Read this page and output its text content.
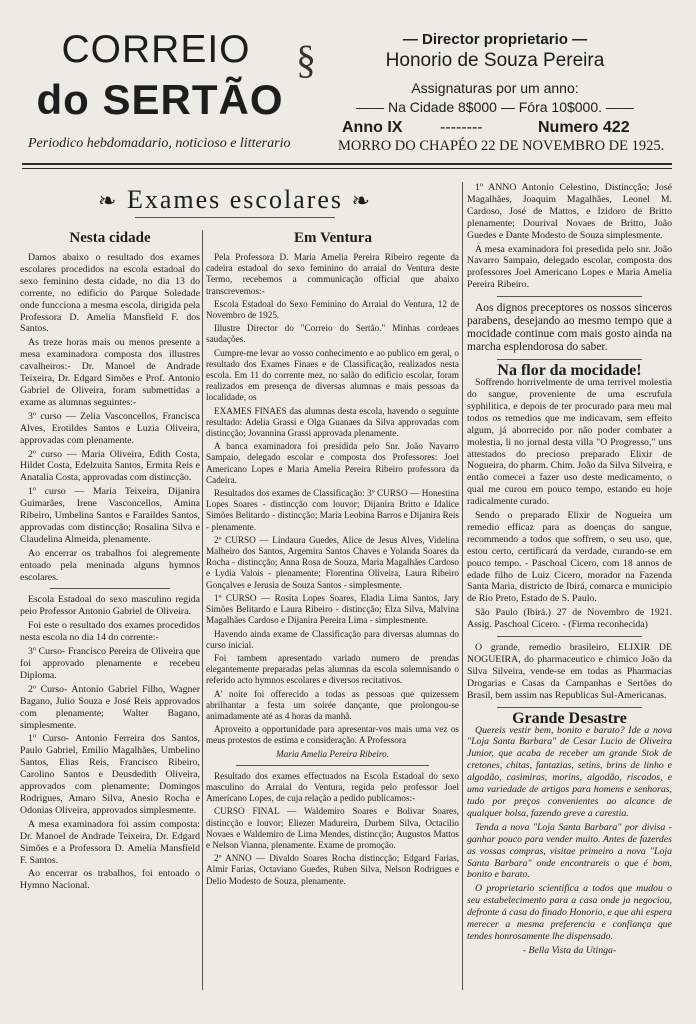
CORREIO
do SERTÃO
§
Periodico hebdomadario, noticioso e litterario
— Director proprietario —
Honorio de Souza Pereira
Assignaturas por um anno:
—— Na Cidade 8$000 — Fóra 10$000. ——
Anno IX --------	Numero 422
MORRO DO CHAPÉO 22 DE NOVEMBRO DE 1925.
❧ Exames escolares ❧
Nesta cidade

Damos abaixo o resultado dos exames escolares procedidos na escola estadoal do sexo feminino desta cidade, no dia 13 do corrente, no edificio do Parque Soledade onde funcciona a mesma escola, dirigida pela Professora D. Amelia Mansfield F. dos Santos.

As treze horas mais ou menos presente a mesa examinadora composta dos illustres cavalheiros:- Dr. Manoel de Andrade Teixeira, Dr. Edgard Simões e Prof. Antonio Gabriel de Oliveira, foram submettidas a exame as alumnas seguintes:-

3º curso — Zelia Vasconcellos, Francisca Alves, Erotildes Santos e Luzia Oliveira, approvadas com plenamente.

2º curso — Maria Oliveira, Edith Costa, Hildet Costa, Edelzuita Santos, Ermita Reis e Anatalia Costa, approvadas com distincção.

1º curso — Maria Teixeira, Dijanira Guimarães, Irene Vasconcellos, Amina Ribeiro, Umbelina Santos e Faraildes Santos, approvadas com distincção; Rosalina Silva e Claudelina Almeida, plenamente.

Ao encerrar os trabalhos foi alegremente entoado pela meninada alguns hymnos escolares.

Escola Estadoal do sexo masculino regida peio Professor Antonio Gabriel de Oliveira.

Foi este o resultado dos exames procedidos nesta escola no dia 14 do corrente:-

3º Curso- Francisco Pereira de Oliveira que foi approvado plenamente e recebeu Diploma.

2º Curso- Antonio Gabriel Filho, Wagner Bagano, Julio Souza e José Reis approvados com plenamente; Walter Bagano, simplesmente.

1º Curso- Antonio Ferreira dos Santos, Paulo Gabriel, Emilio Magalhães, Umbelino Santos, Elias Reis, Francisco Ribeiro, Carolino Santos e Deusdedith Oliveira, approvados com plenamente; Domingos Rodrigues, Amaro Silva, Anesio Rocha e Odonias Oliveira, approvados simplesmente.

A mesa examinadora foi assim composta: Dr. Manoel de Andrade Teixeira, Dr. Edgard Simões e a Professora D. Amelia Mansfield F. Santos.

Ao encerrar os trabalhos, foi entoado o Hymno Nacional.

Em Ventura

Pela Professora D. Maria Amelia Pereira Ribeiro regente da cadeira estadoal do sexo feminino do arraial do Ventura deste Termo, recebemos a communicação official que abaixo transcrevemos:-

Escola Estadoal do Sexo Feminino do Arraial do Ventura, 12 de Novembro de 1925.

Illustre Director do "Correio do Sertão." Minhas cordeaes saudações.

Cumpre-me levar ao vosso conhecimento e ao publico em geral, o resultado dos Exames Finaes e de Classificação, realizados nesta escola. Em 11 do corrente mez, no salão do edificio escolar, foram realizados em presença de diversas alumnas e mais pessoas da localidade, os

EXAMES FINAES das alumnas desta escola, havendo o seguinte resultado: Adelia Grassi e Olga Guanaes da Silva approvadas com distincção; Jovannina Grassi approvada plenamente.

A banca examinadora foi presidida pelo Snr. João Navarro Sampaio, delegado escolar e composta dos Professores: Joel Americano Lopes e Maria Amelia Pereira Ribeiro professora da Cadeira.

Resultados dos exames de Classificação: 3º CURSO — Honestina Lopes Soares - distincção com louvor; Dijanira Britto e Idalice Simões Belitardo - distincção; Maria Leobina Barros e Dijanira Reis - plenamente.

2º CURSO — Lindaura Guedes, Alice de Jesus Alves, Videlina Malheiro dos Santos, Argemira Santos Chaves e Yolanda Soares da Rocha - distincção; Anna Rosa de Souza, Maria Magalhães Cardoso e Lydia Valois - plenamente; Florentina Oliveira, Laura Ribeiro Gonçalves e Jerusia de Souza Santos - simplesmente.

1º CURSO — Rosita Lopes Soares, Eladia Lima Santos, Jary Simões Belitardo e Laura Ribeiro - distincção; Elza Silva, Malvina Magalhães Cardoso e Dijanira Pereira Lima - simplesmente.

Havendo ainda exame de Classificação para diversas alumnas do curso inicial.

Foi tambem apresentado variado numero de prendas elegantemente preparadas pelas alumnas da escola solemnisando o referido acto hymnos escolares e diversos recitativos.

A' noite foi offerecido a todas as pessoas que quizessem abrilhantar a festa um soirée dançante, que prolongou-se animadamente até as 4 horas da manhã.

Aproveito a opportunidade para apresentar-vos mais uma vez os meus protestos de estima e consideração. A Professora

Maria Amelia Pereira Ribeiro.

Resultado dos exames effectuados na Escola Estadoal do sexo masculino do Arraial do Ventura, regida pelo professor Joel Americano Lopes, de cuja relação a pedido publicamos:-

CURSO FINAL — Waldemiro Soares e Bolivar Soares, distincção e louvor; Eliezer Madureira, Durbem Silva, Octacilio Novaes e Waldemiro de Lima Mendes, distincção; Augustos Mattos e Nelson Vianna, plenamente. Exame de promoção.

2º ANNO — Divaldo Soares Rocha distincção; Edgard Farias, Almir Farias, Octaviano Guedes, Ruben Silva, Nelson Rodrigues e Delio Modesto de Souza, plenamente.

1º ANNO Antonio Celestino, Distincção; José Magalhães, Joaquim Magalhães, Leonel M. Cardoso, José de Mattos, e Izidoro de Britto plenamente; Dourival Novaes de Britto, João Guedes e Dante Modesto de Souza simplesmente.

A mesa examinadora foi presedida pelo snr. João Navarro Sampaio, delegado escolar, composta dos professores Joel Americano Lopes e Maria Amelia Pereira Ribeiro.

Aos dignos preceptores os nossos sinceros parabens, desejando ao mesmo tempo que a mocidade continue com mais gosto ainda na marcha esplendorosa do saber.

Na flor da mocidade!

Soffrendo horrivelmente de uma terrivel molestia do sangue, proveniente de uma escrufula syphilitica, e depois de ter procurado para meu mal todos os remedios que me indicavam, sem effeito algum, já aborrecido por não poder combater a molestia, li no jornal desta villa "O Progresso," uns attestados do precioso preparado Elixir de Nogueira, do pharm. Chim. João da Silva Silveira, e então comecei a fazer uso deste medicamento, o qual me curou em pouco tempo, estando eu hoje radicalmente curado.

Sendo o preparado Elixir de Nogueira um remedio efficaz para as doenças do sangue, recommendo a todos que soffrem, o seu uso, que, estou certo, certificará da verdade, curando-se em pouco tempo. - Paschoal Cicero, com 18 annos de edade filho de Luiz Cicero, morador na Fazenda Santa Maria, districto de Ibirá, comarca e municipio de Rio Preto, Estado de S. Paulo.

São Paulo (Ibirá.) 27 de Novembro de 1921. Assig. Paschoal Cicero. - (Firma reconhecida)

O grande, remedio brasileiro, ELIXIR DE NOGUEIRA, do pharmaceutico e chimico João da Silva Silveira, vende-se em todas as Pharmacias Drogarias e Casas da Campanhas e Sertões do Brasil, bem assim nas Republicas Sul-Americanas.

Grande Desastre

Quereis vestir bem, bonito e barato? Ide a nova "Loja Santa Barbara" de Cesar Lucio de Oliveira Junior, que acaba de receber um grande Stok de cretones, chitas, fantazias, setins, brins de linho e algodão, casimiras, morins, algodão, riscados, e uma variedade de artigos para homens e senhoras, tudo por preços convenientes ao alcance de qualquer bolsa, fazendo greve a carestia.

Tenda a nova "Loja Santa Barbara" por divisa - ganhar pouco para vender muito. Antes de fazerdes as vossas compras, visitae primeiro a nova "Loja Santa Barbara" onde encontrareis o que é bom, bonito e barato.

O proprietario scientifica a todos que mudou o seu estabelecimento para a casa onde ja negociou, defronte á casa do finado Honorio, e que ahi espera merecer a mesma preferencia e confiança que tendes honrosamente lhe dispensado.

- Bella Vista da Utinga-
